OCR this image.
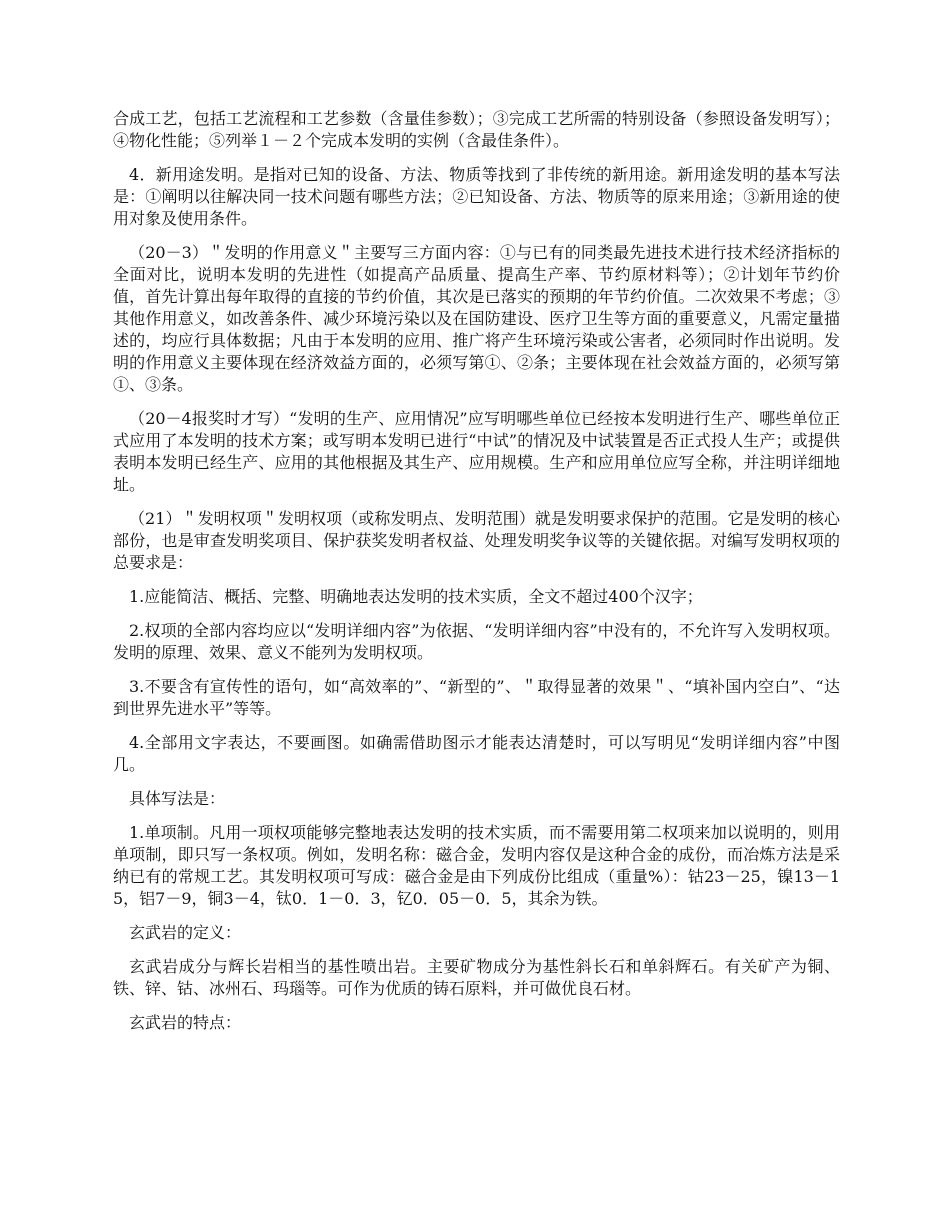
合成工艺，包括工艺流程和工艺参数（含量佳参数）；③完成工艺所需的特别设备（参照设备发明写）；④物化性能；⑤列举１－２个完成本发明的实例（含最佳条件）。

4．新用途发明。是指对已知的设备、方法、物质等找到了非传统的新用途。新用途发明的基本写法是：①阐明以往解决同一技术问题有哪些方法；②已知设备、方法、物质等的原来用途；③新用途的使用对象及使用条件。

（20－3）＂发明的作用意义＂主要写三方面内容：①与已有的同类最先进技术进行技术经济指标的全面对比，说明本发明的先进性（如提高产品质量、提高生产率、节约原材料等）；②计划年节约价值，首先计算出每年取得的直接的节约价值，其次是已落实的预期的年节约价值。二次效果不考虑；③其他作用意义，如改善条件、减少环境污染以及在国防建设、医疗卫生等方面的重要意义，凡需定量描述的，均应行具体数据；凡由于本发明的应用、推广将产生环境污染或公害者，必须同时作出说明。发明的作用意义主要体现在经济效益方面的，必须写第①、②条；主要体现在社会效益方面的，必须写第①、③条。

（20－4报奖时才写）“发明的生产、应用情况”应写明哪些单位已经按本发明进行生产、哪些单位正式应用了本发明的技术方案；或写明本发明已进行“中试”的情况及中试装置是否正式投人生产；或提供表明本发明已经生产、应用的其他根据及其生产、应用规模。生产和应用单位应写全称，并注明详细地址。

（21）＂发明权项＂发明权项（或称发明点、发明范围）就是发明要求保护的范围。它是发明的核心部份，也是审查发明奖项目、保护获奖发明者权益、处理发明奖争议等的关键依据。对编写发明权项的总要求是：

1.应能简洁、概括、完整、明确地表达发明的技术实质，全文不超过400个汉字；

2.权项的全部内容均应以“发明详细内容”为依据、“发明详细内容”中没有的，不允许写入发明权项。发明的原理、效果、意义不能列为发明权项。

3.不要含有宣传性的语句，如“高效率的”、“新型的”、＂取得显著的效果＂、“填补国内空白”、“达到世界先进水平”等等。

4.全部用文字表达，不要画图。如确需借助图示才能表达清楚时，可以写明见“发明详细内容”中图几。

具体写法是：

1.单项制。凡用一项权项能够完整地表达发明的技术实质，而不需要用第二权项来加以说明的，则用单项制，即只写一条权项。例如，发明名称：磁合金，发明内容仅是这种合金的成份，而冶炼方法是采纳已有的常规工艺。其发明权项可写成：磁合金是由下列成份比组成（重量%）：钴23－25，镍13－15，铝7－9，铜3－4，钛0．1－0．3，钇0．05－0．5，其余为铁。

玄武岩的定义：

玄武岩成分与辉长岩相当的基性喷出岩。主要矿物成分为基性斜长石和单斜辉石。有关矿产为铜、铁、锌、钴、冰州石、玛瑙等。可作为优质的铸石原料，并可做优良石材。

玄武岩的特点：
